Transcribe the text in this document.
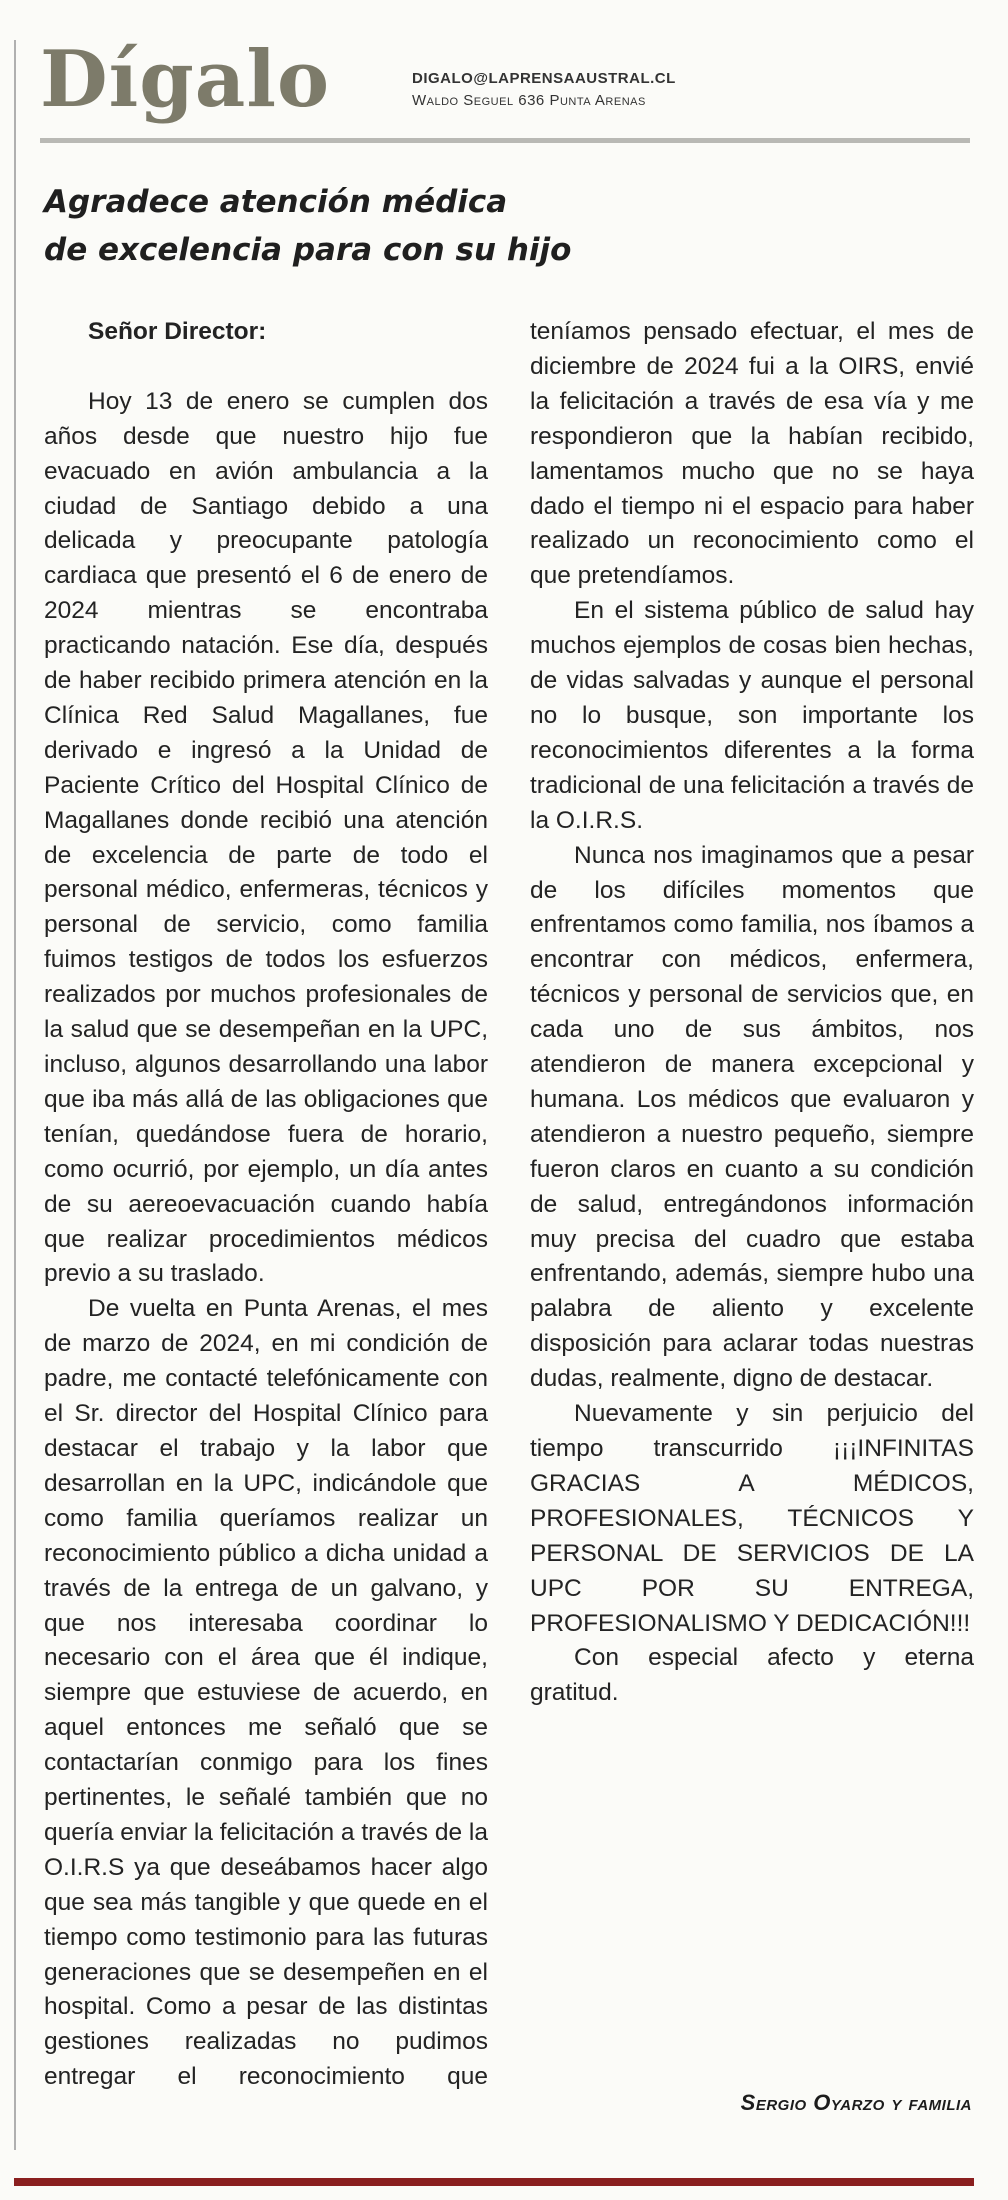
Dígalo	DIGALO@LAPRENSAAUSTRAL.CL
Waldo Seguel 636 Punta Arenas
Agradece atención médica
de excelencia para con su hijo

Señor Director:

Hoy 13 de enero se cumplen dos años desde que nuestro hijo fue evacuado en avión ambulancia a la ciudad de Santiago debido a una delicada y preocupante patología cardiaca que presentó el 6 de enero de 2024 mientras se encontraba practicando natación. Ese día, después de haber recibido primera atención en la Clínica Red Salud Magallanes, fue derivado e ingresó a la Unidad de Paciente Crítico del Hospital Clínico de Magallanes donde recibió una atención de excelencia de parte de todo el personal médico, enfermeras, técnicos y personal de servicio, como familia fuimos testigos de todos los esfuerzos realizados por muchos profesionales de la salud que se desempeñan en la UPC, incluso, algunos desarrollando una labor que iba más allá de las obligaciones que tenían, quedándose fuera de horario, como ocurrió, por ejemplo, un día antes de su aereoevacuación cuando había que realizar procedimientos médicos previo a su traslado.

De vuelta en Punta Arenas, el mes de marzo de 2024, en mi condición de padre, me contacté telefónicamente con el Sr. director del Hospital Clínico para destacar el trabajo y la labor que desarrollan en la UPC, indicándole que como familia queríamos realizar un reconocimiento público a dicha unidad a través de la entrega de un galvano, y que nos interesaba coordinar lo necesario con el área que él indique, siempre que estuviese de acuerdo, en aquel entonces me señaló que se contactarían conmigo para los fines pertinentes, le señalé también que no quería enviar la felicitación a través de la O.I.R.S ya que deseábamos hacer algo que sea más tangible y que quede en el tiempo como testimonio para las futuras generaciones que se desempeñen en el hospital. Como a pesar de las distintas gestiones realizadas no pudimos entregar el reconocimiento que teníamos pensado efectuar, el mes de diciembre de 2024 fui a la OIRS, envié la felicitación a través de esa vía y me respondieron que la habían recibido, lamentamos mucho que no se haya dado el tiempo ni el espacio para haber realizado un reconocimiento como el que pretendíamos.

En el sistema público de salud hay muchos ejemplos de cosas bien hechas, de vidas salvadas y aunque el personal no lo busque, son importante los reconocimientos diferentes a la forma tradicional de una felicitación a través de la O.I.R.S.

Nunca nos imaginamos que a pesar de los difíciles momentos que enfrentamos como familia, nos íbamos a encontrar con médicos, enfermera, técnicos y personal de servicios que, en cada uno de sus ámbitos, nos atendieron de manera excepcional y humana. Los médicos que evaluaron y atendieron a nuestro pequeño, siempre fueron claros en cuanto a su condición de salud, entregándonos información muy precisa del cuadro que estaba enfrentando, además, siempre hubo una palabra de aliento y excelente disposición para aclarar todas nuestras dudas, realmente, digno de destacar.

Nuevamente y sin perjuicio del tiempo transcurrido ¡¡¡INFINITAS GRACIAS A MÉDICOS, PROFESIONALES, TÉCNICOS Y PERSONAL DE SERVICIOS DE LA UPC POR SU ENTREGA, PROFESIONALISMO Y DEDICACIÓN!!!

Con especial afecto y eterna gratitud.

Sergio Oyarzo y familia
